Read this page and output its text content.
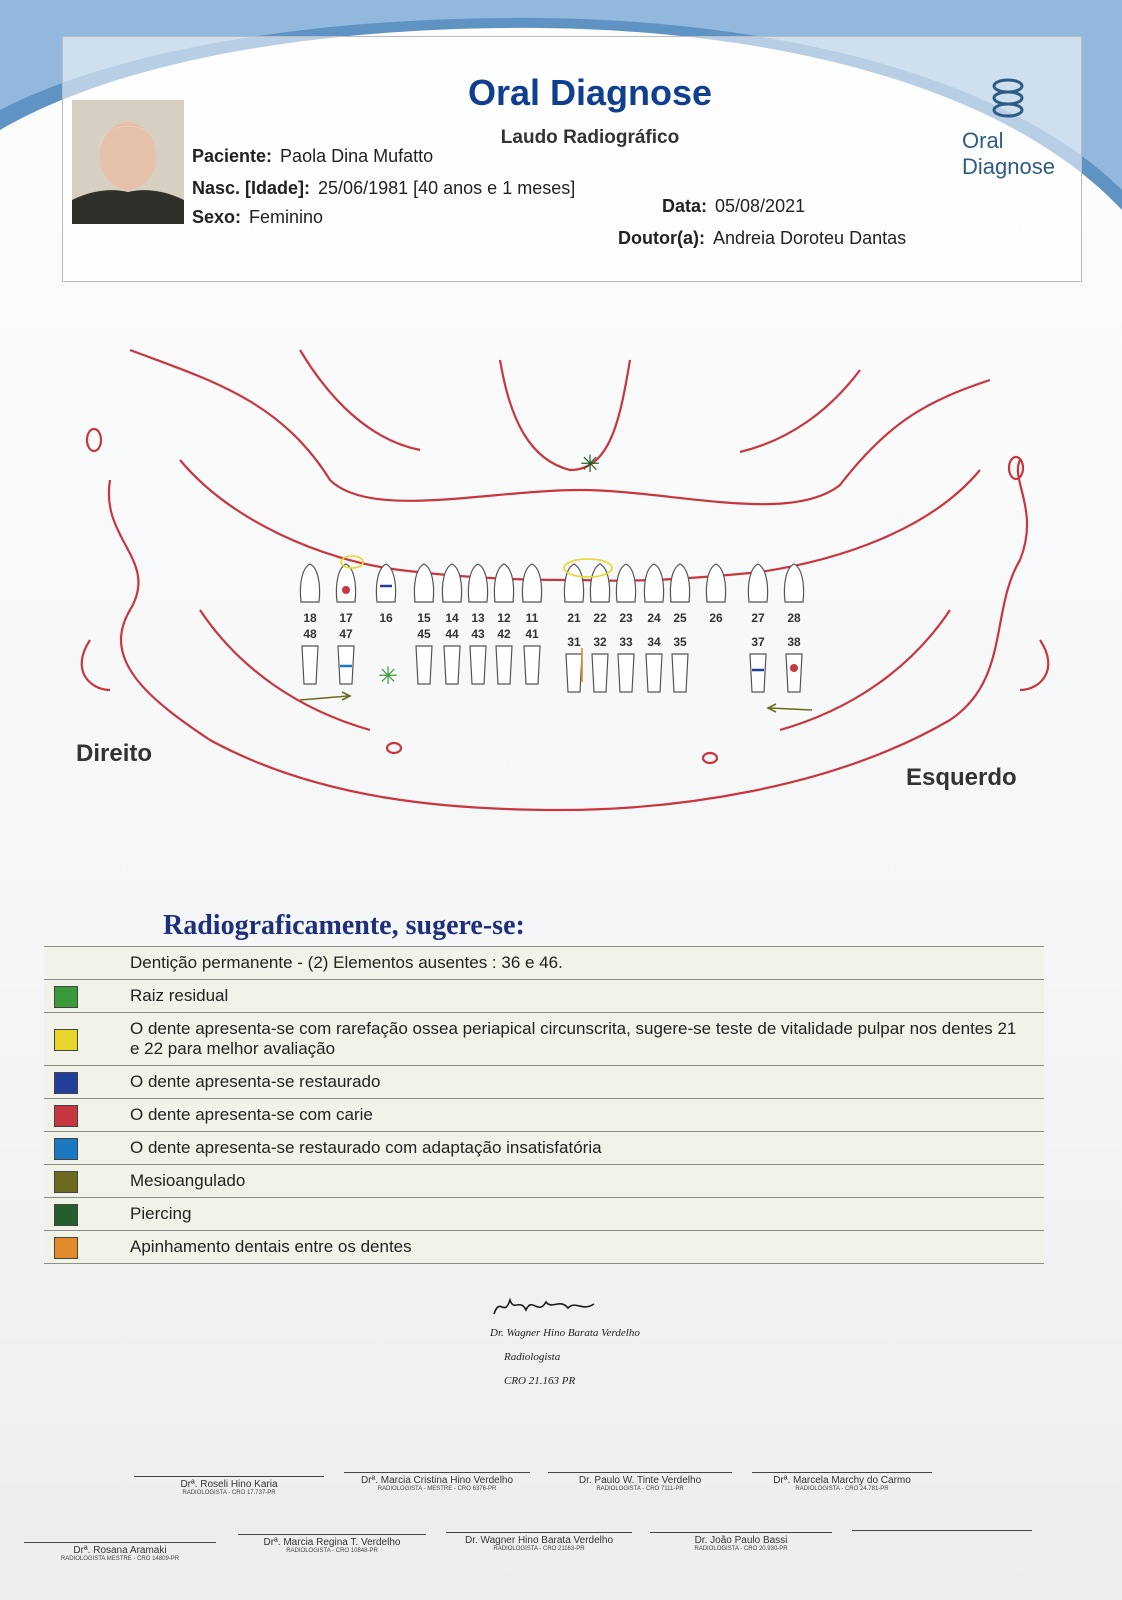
Oral Diagnose
Laudo Radiográfico	Oral Diagnose
Paciente: Paola Dina Mufatto
Nasc. [Idade]: 25/06/1981 [40 anos e 1 meses]
Sexo: Feminino
Data: 05/08/2021
Doutor(a): Andreia Doroteu Dantas
18 17 16 15 14 13 12 11 21 22 23 24 25 26 27 28
48 47	45 44 43 42 41
31 32 33 34 35	37 38
✳
✳
Direito
Esquerdo
Radiograficamente, sugere-se:
Dentição permanente - (2) Elementos ausentes : 36 e 46.
Raiz residual
O dente apresenta-se com rarefação ossea periapical circunscrita, sugere-se teste de vitalidade pulpar nos dentes 21 e 22 para melhor avaliação
O dente apresenta-se restaurado
O dente apresenta-se com carie
O dente apresenta-se restaurado com adaptação insatisfatória
Mesioangulado
Piercing
Apinhamento dentais entre os dentes
Dr. Wagner Hino Barata Verdelho
Radiologista
CRO 21.163 PR
Drª. Roseli Hino Karia
RADIOLOGISTA - CRO 17.737-PR
Drª. Marcia Cristina Hino Verdelho
RADIOLOGISTA - MESTRE - CRO 6376-PR
Dr. Paulo W. Tinte Verdelho
RADIOLOGISTA - CRO 7111-PR
Drª. Marcela Marchy do Carmo
RADIOLOGISTA - CRO 24.781-PR
Drª. Rosana Aramaki
RADIOLOGISTA MESTRE - CRO 14809-PR
Drª. Marcia Regina T. Verdelho
RADIOLOGISTA - CRO 10848-PR
Dr. Wagner Hino Barata Verdelho
RADIOLOGISTA - CRO 21163-PR
Dr. João Paulo Bassi
RADIOLOGISTA - CRO 20.930-PR
